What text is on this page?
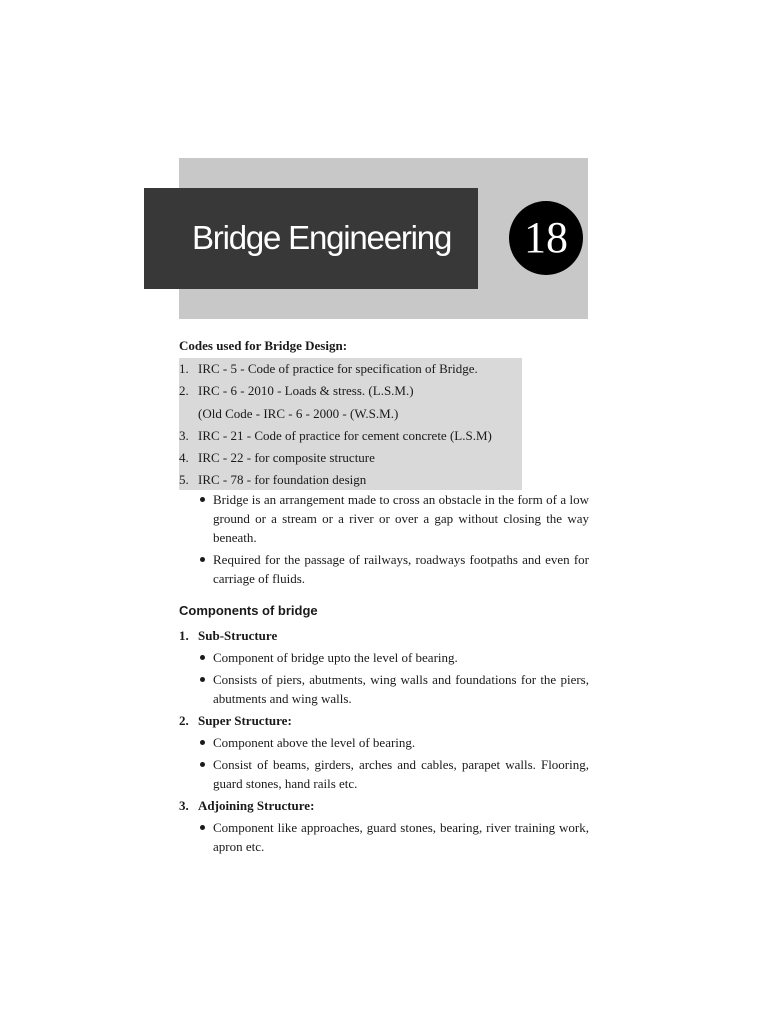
Bridge Engineering 18
Codes used for Bridge Design:
1. IRC - 5 - Code of practice for specification of Bridge.
2. IRC - 6 - 2010 - Loads & stress. (L.S.M.)
(Old Code - IRC - 6 - 2000 - (W.S.M.)
3. IRC - 21 - Code of practice for cement concrete (L.S.M)
4. IRC - 22 - for composite structure
5. IRC - 78 - for foundation design
Bridge is an arrangement made to cross an obstacle in the form of a low ground or a stream or a river or over a gap without closing the way beneath.
Required for the passage of railways, roadways footpaths and even for carriage of fluids.
Components of bridge
1. Sub-Structure
Component of bridge upto the level of bearing.
Consists of piers, abutments, wing walls and foundations for the piers, abutments and wing walls.
2. Super Structure:
Component above the level of bearing.
Consist of beams, girders, arches and cables, parapet walls. Flooring, guard stones, hand rails etc.
3. Adjoining Structure:
Component like approaches, guard stones, bearing, river training work, apron etc.
